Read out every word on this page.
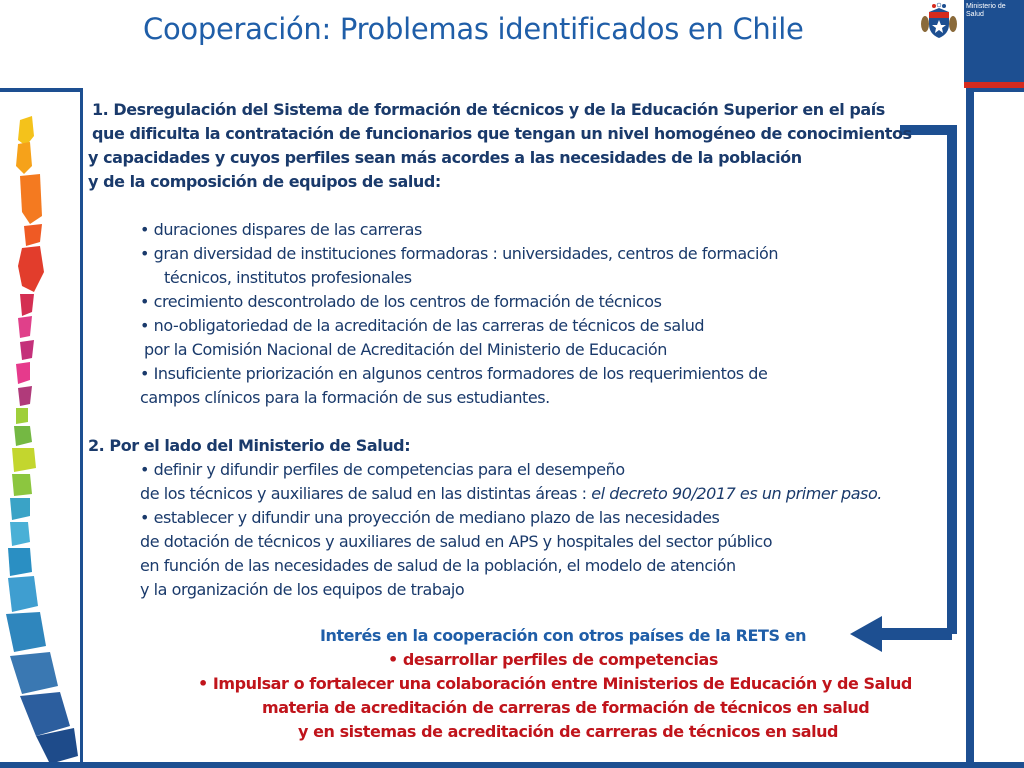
Cooperación: Problemas identificados en Chile
Ministerio de Salud
1. Desregulación del Sistema de formación de técnicos y de la Educación Superior en el país
que dificulta la contratación de funcionarios que tengan un nivel homogéneo de conocimientos
y capacidades y cuyos perfiles sean más acordes a las necesidades de la población
y de la composición de equipos de salud:
• duraciones dispares de las carreras
• gran diversidad de instituciones formadoras : universidades, centros de formación
técnicos, institutos profesionales
• crecimiento descontrolado de los centros de formación de técnicos
• no-obligatoriedad de la acreditación de las carreras de técnicos de salud
por la Comisión Nacional de Acreditación del Ministerio de Educación
• Insuficiente priorización en algunos centros formadores de los requerimientos de
campos clínicos para la formación de sus estudiantes.
2. Por el lado del Ministerio de Salud:
• definir y difundir perfiles de competencias para el desempeño
de los técnicos y auxiliares de salud en las distintas áreas : el decreto 90/2017 es un primer paso.
• establecer y difundir una proyección de mediano plazo de las necesidades
de dotación de técnicos y auxiliares de salud en APS y hospitales del sector público
en función de las necesidades de salud de la población, el modelo de atención
y la organización de los equipos de trabajo
Interés en la cooperación con otros países de la RETS en
• desarrollar perfiles de competencias
• Impulsar o fortalecer una colaboración entre Ministerios de Educación y de Salud
materia de acreditación de carreras de formación de técnicos en salud
y en sistemas de acreditación de carreras de técnicos en salud
